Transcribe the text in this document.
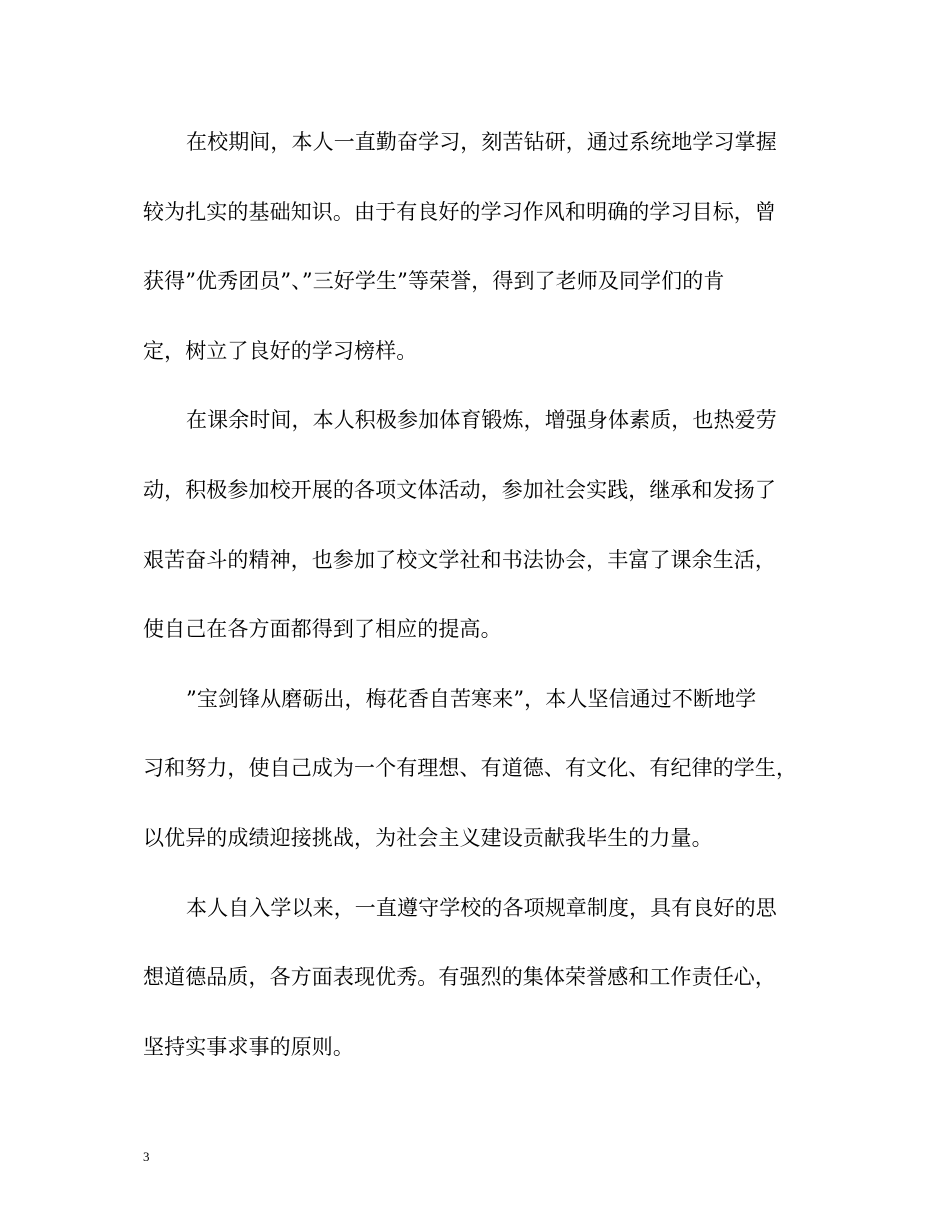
在校期间，本人一直勤奋学习，刻苦钻研，通过系统地学习掌握
较为扎实的基础知识。由于有良好的学习作风和明确的学习目标，曾
获得”优秀团员”、”三好学生”等荣誉，得到了老师及同学们的肯
定，树立了良好的学习榜样。
在课余时间，本人积极参加体育锻炼，增强身体素质，也热爱劳
动，积极参加校开展的各项文体活动，参加社会实践，继承和发扬了
艰苦奋斗的精神，也参加了校文学社和书法协会，丰富了课余生活，
使自己在各方面都得到了相应的提高。
”宝剑锋从磨砺出，梅花香自苦寒来”，本人坚信通过不断地学
习和努力，使自己成为一个有理想、有道德、有文化、有纪律的学生，
以优异的成绩迎接挑战，为社会主义建设贡献我毕生的力量。
本人自入学以来，一直遵守学校的各项规章制度，具有良好的思
想道德品质，各方面表现优秀。有强烈的集体荣誉感和工作责任心，
坚持实事求事的原则。
3
